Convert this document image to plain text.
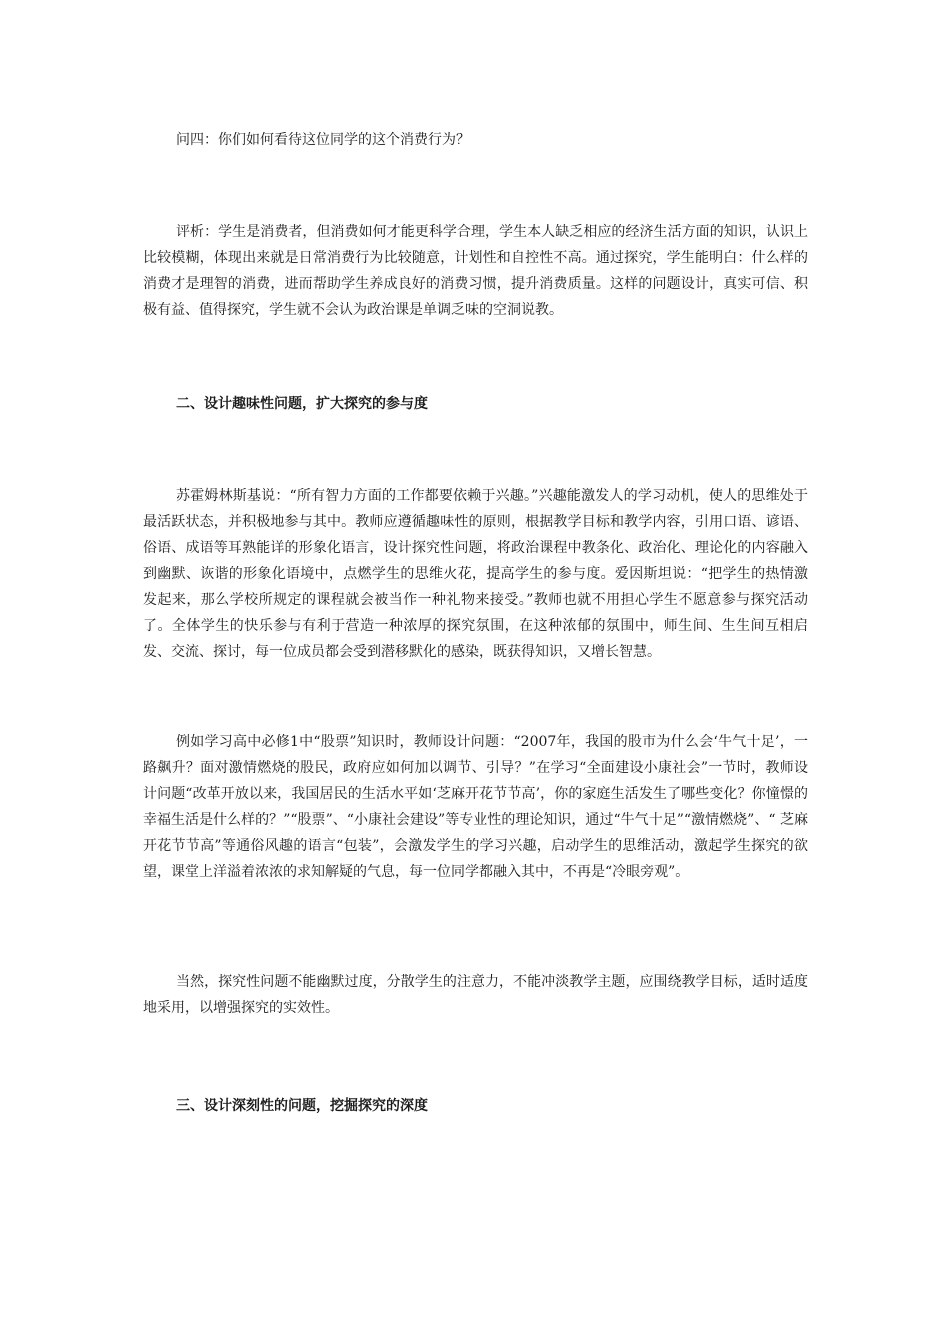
问四：你们如何看待这位同学的这个消费行为？

评析：学生是消费者，但消费如何才能更科学合理，学生本人缺乏相应的经济生活方面的知识，认识上比较模糊，体现出来就是日常消费行为比较随意，计划性和自控性不高。通过探究，学生能明白：什么样的消费才是理智的消费，进而帮助学生养成良好的消费习惯，提升消费质量。这样的问题设计，真实可信、积极有益、值得探究，学生就不会认为政治课是单调乏味的空洞说教。

二、设计趣味性问题，扩大探究的参与度

苏霍姆林斯基说：“所有智力方面的工作都要依赖于兴趣。”兴趣能激发人的学习动机，使人的思维处于最活跃状态，并积极地参与其中。教师应遵循趣味性的原则，根据教学目标和教学内容，引用口语、谚语、俗语、成语等耳熟能详的形象化语言，设计探究性问题，将政治课程中教条化、政治化、理论化的内容融入到幽默、诙谐的形象化语境中，点燃学生的思维火花，提高学生的参与度。爱因斯坦说：“把学生的热情激发起来，那么学校所规定的课程就会被当作一种礼物来接受。”教师也就不用担心学生不愿意参与探究活动了。全体学生的快乐参与有利于营造一种浓厚的探究氛围，在这种浓郁的氛围中，师生间、生生间互相启发、交流、探讨，每一位成员都会受到潜移默化的感染，既获得知识，又增长智慧。

例如学习高中必修1中“股票”知识时，教师设计问题：“2007年，我国的股市为什么会‘牛气十足’，一路飙升？面对激情燃烧的股民，政府应如何加以调节、引导？”在学习“全面建设小康社会”一节时，教师设计问题“改革开放以来，我国居民的生活水平如‘芝麻开花节节高’，你的家庭生活发生了哪些变化？你憧憬的幸福生活是什么样的？”“股票”、“小康社会建设”等专业性的理论知识，通过“牛气十足”“激情燃烧”、“ 芝麻开花节节高”等通俗风趣的语言“包装”，会激发学生的学习兴趣，启动学生的思维活动，激起学生探究的欲望，课堂上洋溢着浓浓的求知解疑的气息，每一位同学都融入其中，不再是“冷眼旁观”。

当然，探究性问题不能幽默过度，分散学生的注意力，不能冲淡教学主题，应围绕教学目标，适时适度地采用，以增强探究的实效性。

三、设计深刻性的问题，挖掘探究的深度
